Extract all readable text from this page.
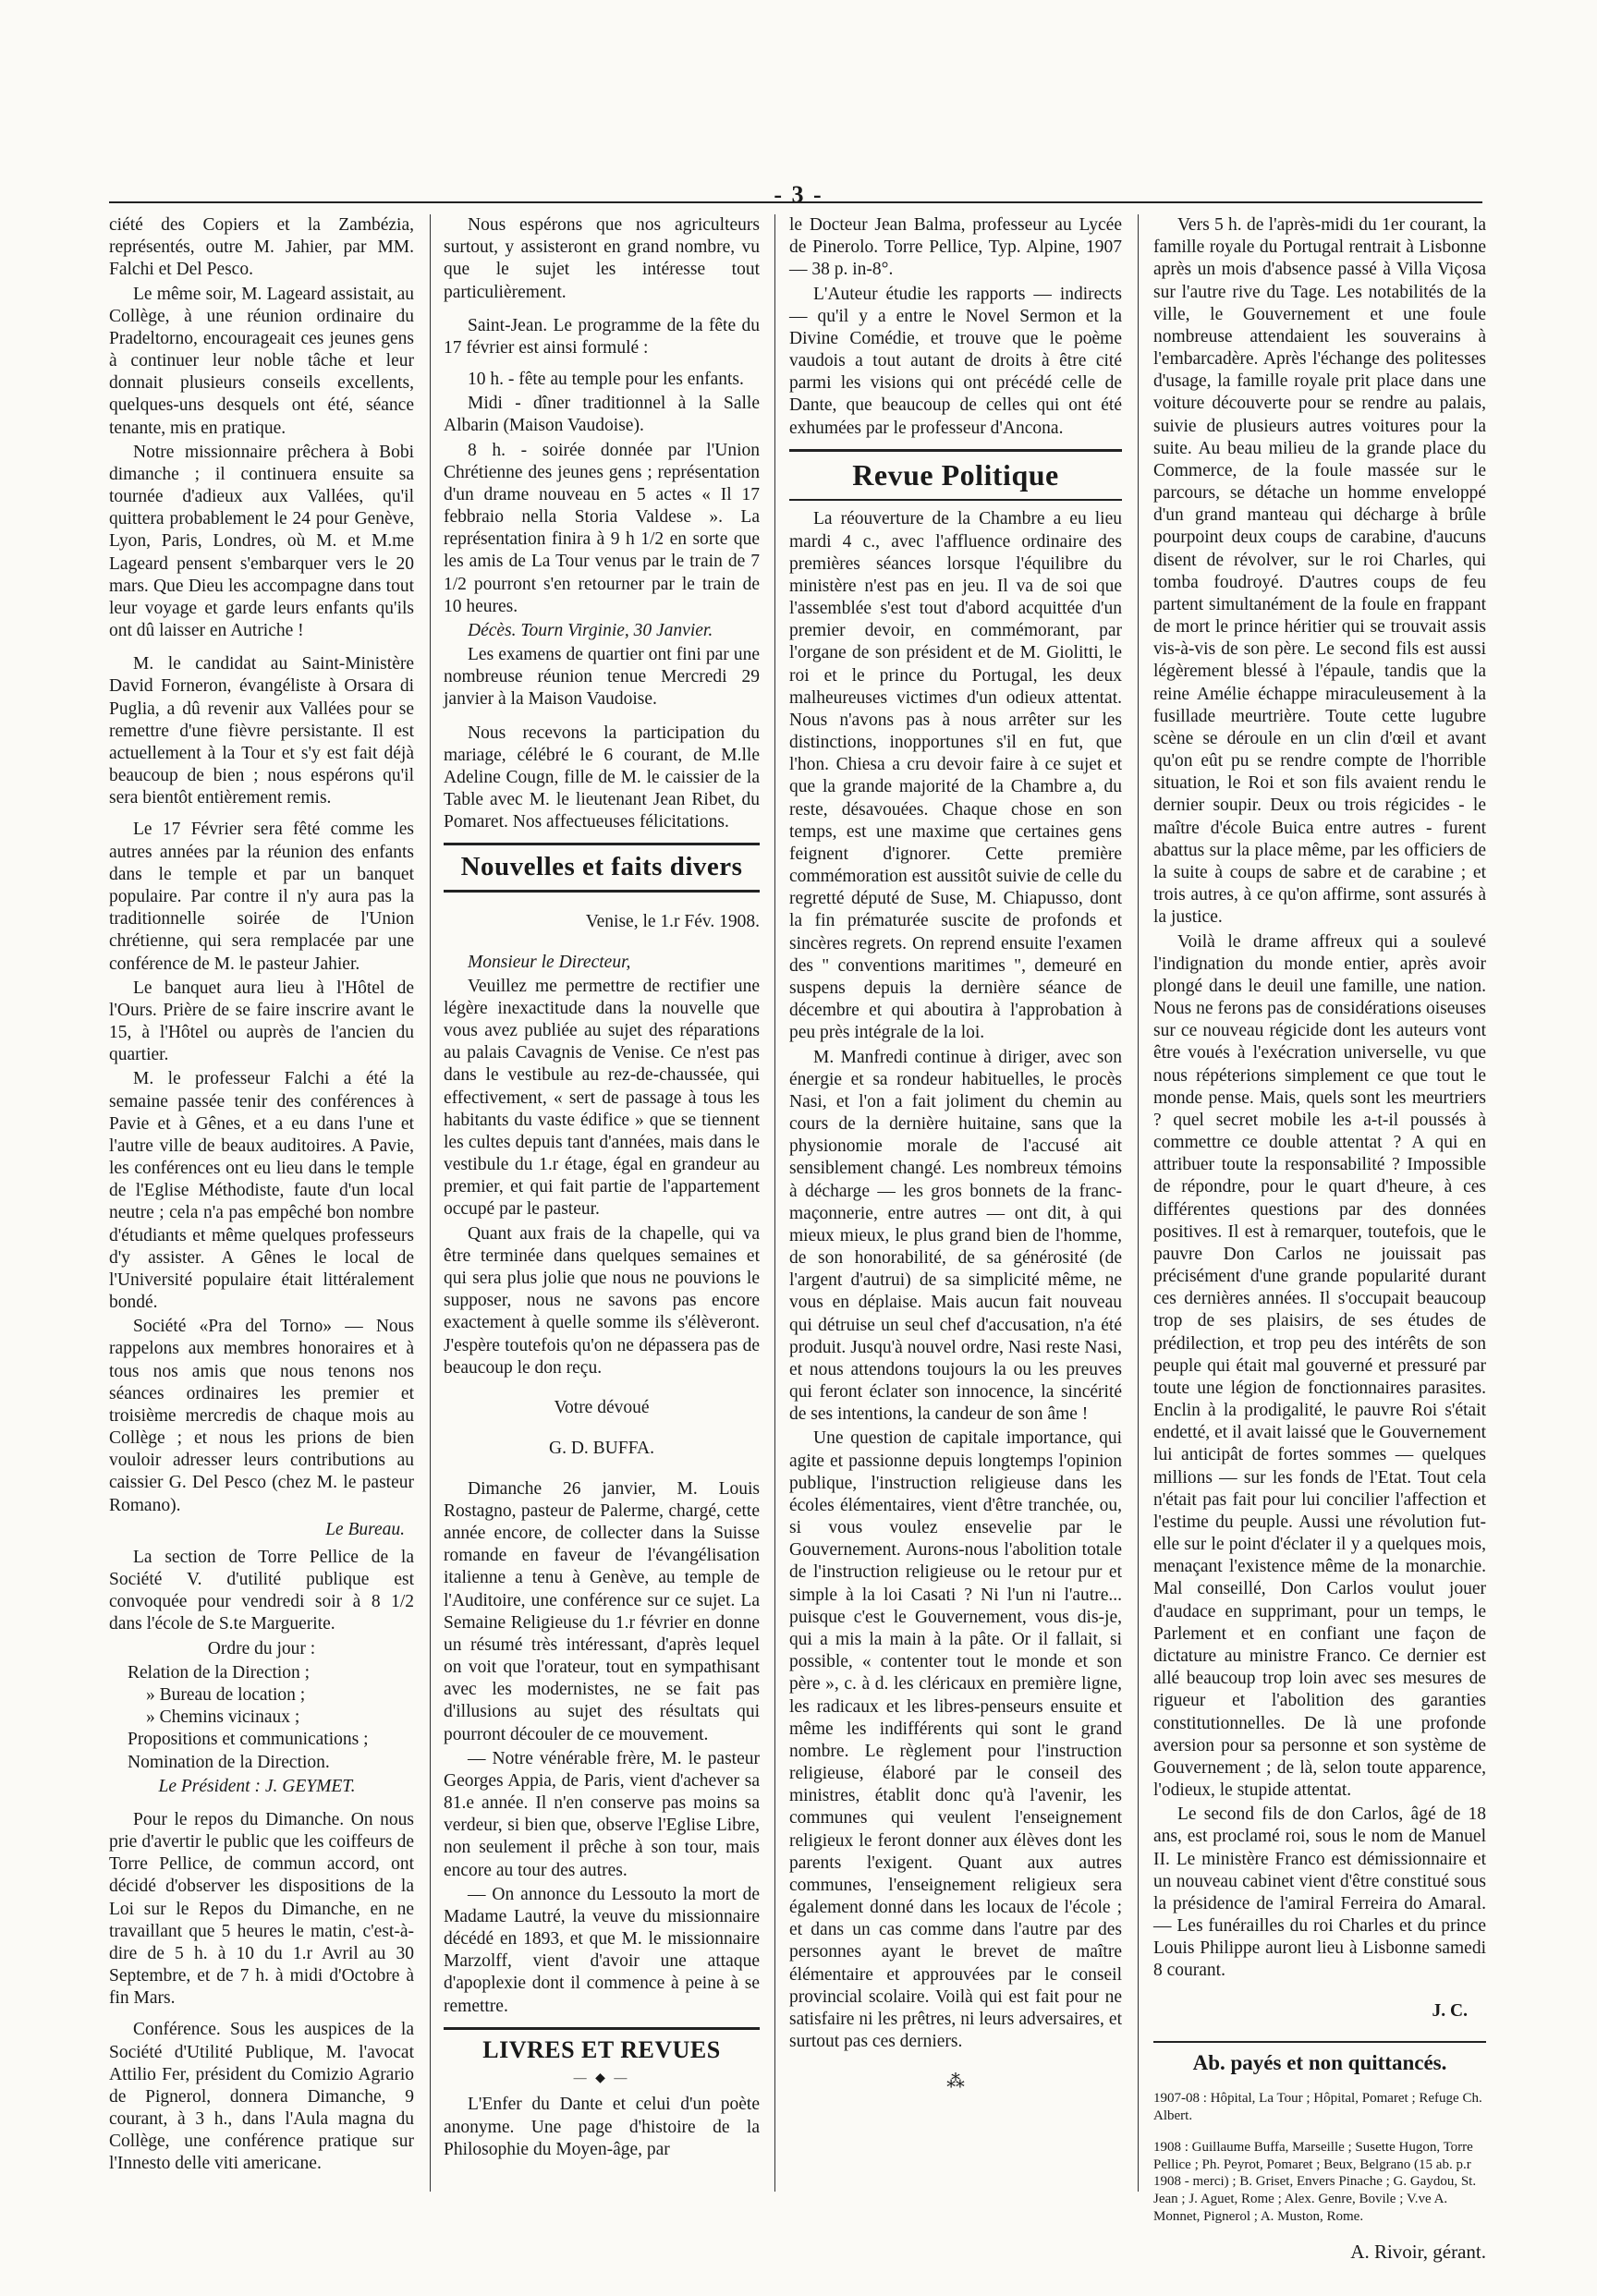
- 3 -

ciété des Copiers et la Zambézia, représentés, outre M. Jahier, par MM. Falchi et Del Pesco.

Le même soir, M. Lageard assistait, au Collège, à une réunion ordinaire du Pradeltorno, encourageait ces jeunes gens à continuer leur noble tâche et leur donnait plusieurs conseils excellents, quelques-uns desquels ont été, séance tenante, mis en pratique.

Notre missionnaire prêchera à Bobi dimanche ; il continuera ensuite sa tournée d'adieux aux Vallées, qu'il quittera probablement le 24 pour Genève, Lyon, Paris, Londres, où M. et M.me Lageard pensent s'embarquer vers le 20 mars. Que Dieu les accompagne dans tout leur voyage et garde leurs enfants qu'ils ont dû laisser en Autriche !

M. le candidat au Saint-Ministère David Forneron, évangéliste à Orsara di Puglia, a dû revenir aux Vallées pour se remettre d'une fièvre persistante. Il est actuellement à la Tour et s'y est fait déjà beaucoup de bien ; nous espérons qu'il sera bientôt entièrement remis.

Le 17 Février sera fêté comme les autres années par la réunion des enfants dans le temple et par un banquet populaire. Par contre il n'y aura pas la traditionnelle soirée de l'Union chrétienne, qui sera remplacée par une conférence de M. le pasteur Jahier.

Le banquet aura lieu à l'Hôtel de l'Ours. Prière de se faire inscrire avant le 15, à l'Hôtel ou auprès de l'ancien du quartier.

M. le professeur Falchi a été la semaine passée tenir des conférences à Pavie et à Gênes, et a eu dans l'une et l'autre ville de beaux auditoires. A Pavie, les conférences ont eu lieu dans le temple de l'Eglise Méthodiste, faute d'un local neutre ; cela n'a pas empêché bon nombre d'étudiants et même quelques professeurs d'y assister. A Gênes le local de l'Université populaire était littéralement bondé.

Société «Pra del Torno» — Nous rappelons aux membres honoraires et à tous nos amis que nous tenons nos séances ordinaires les premier et troisième mercredis de chaque mois au Collège ; et nous les prions de bien vouloir adresser leurs contributions au caissier G. Del Pesco (chez M. le pasteur Romano).

Le Bureau.

La section de Torre Pellice de la Société V. d'utilité publique est convoquée pour vendredi soir à 8 1/2 dans l'école de S.te Marguerite.

Ordre du jour :

Relation de la Direction ;

» Bureau de location ;

» Chemins vicinaux ;

Propositions et communications ;

Nomination de la Direction.

Le Président : J. GEYMET.

Pour le repos du Dimanche. On nous prie d'avertir le public que les coiffeurs de Torre Pellice, de commun accord, ont décidé d'observer les dispositions de la Loi sur le Repos du Dimanche, en ne travaillant que 5 heures le matin, c'est-à-dire de 5 h. à 10 du 1.r Avril au 30 Septembre, et de 7 h. à midi d'Octobre à fin Mars.

Conférence. Sous les auspices de la Société d'Utilité Publique, M. l'avocat Attilio Fer, président du Comizio Agrario de Pignerol, donnera Dimanche, 9 courant, à 3 h., dans l'Aula magna du Collège, une conférence pratique sur l'Innesto delle viti americane.

Nous espérons que nos agriculteurs surtout, y assisteront en grand nombre, vu que le sujet les intéresse tout particulièrement.

Saint-Jean. Le programme de la fête du 17 février est ainsi formulé :

10 h. - fête au temple pour les enfants.

Midi - dîner traditionnel à la Salle Albarin (Maison Vaudoise).

8 h. - soirée donnée par l'Union Chrétienne des jeunes gens ; représentation d'un drame nouveau en 5 actes « Il 17 febbraio nella Storia Valdese ». La représentation finira à 9 h 1/2 en sorte que les amis de La Tour venus par le train de 7 1/2 pourront s'en retourner par le train de 10 heures.

Décès. Tourn Virginie, 30 Janvier.

Les examens de quartier ont fini par une nombreuse réunion tenue Mercredi 29 janvier à la Maison Vaudoise.

Nous recevons la participation du mariage, célébré le 6 courant, de M.lle Adeline Cougn, fille de M. le caissier de la Table avec M. le lieutenant Jean Ribet, du Pomaret. Nos affectueuses félicitations.

Nouvelles et faits divers

Venise, le 1.r Fév. 1908.

Monsieur le Directeur,

Veuillez me permettre de rectifier une légère inexactitude dans la nouvelle que vous avez publiée au sujet des réparations au palais Cavagnis de Venise. Ce n'est pas dans le vestibule au rez-de-chaussée, qui effectivement, « sert de passage à tous les habitants du vaste édifice » que se tiennent les cultes depuis tant d'années, mais dans le vestibule du 1.r étage, égal en grandeur au premier, et qui fait partie de l'appartement occupé par le pasteur.

Quant aux frais de la chapelle, qui va être terminée dans quelques semaines et qui sera plus jolie que nous ne pouvions le supposer, nous ne savons pas encore exactement à quelle somme ils s'élèveront. J'espère toutefois qu'on ne dépassera pas de beaucoup le don reçu.

Votre dévoué

G. D. BUFFA.

Dimanche 26 janvier, M. Louis Rostagno, pasteur de Palerme, chargé, cette année encore, de collecter dans la Suisse romande en faveur de l'évangélisation italienne a tenu à Genève, au temple de l'Auditoire, une conférence sur ce sujet. La Semaine Religieuse du 1.r février en donne un résumé très intéressant, d'après lequel on voit que l'orateur, tout en sympathisant avec les modernistes, ne se fait pas d'illusions au sujet des résultats qui pourront découler de ce mouvement.

— Notre vénérable frère, M. le pasteur Georges Appia, de Paris, vient d'achever sa 81.e année. Il n'en conserve pas moins sa verdeur, si bien que, observe l'Eglise Libre, non seulement il prêche à son tour, mais encore au tour des autres.

— On annonce du Lessouto la mort de Madame Lautré, la veuve du missionnaire décédé en 1893, et que M. le missionnaire Marzolff, vient d'avoir une attaque d'apoplexie dont il commence à peine à se remettre.

LIVRES ET REVUES
— ◆ —

L'Enfer du Dante et celui d'un poète anonyme. Une page d'histoire de la Philosophie du Moyen-âge, par

le Docteur Jean Balma, professeur au Lycée de Pinerolo. Torre Pellice, Typ. Alpine, 1907 — 38 p. in-8°.

L'Auteur étudie les rapports — indirects — qu'il y a entre le Novel Sermon et la Divine Comédie, et trouve que le poème vaudois a tout autant de droits à être cité parmi les visions qui ont précédé celle de Dante, que beaucoup de celles qui ont été exhumées par le professeur d'Ancona.

Revue Politique

La réouverture de la Chambre a eu lieu mardi 4 c., avec l'affluence ordinaire des premières séances lorsque l'équilibre du ministère n'est pas en jeu. Il va de soi que l'assemblée s'est tout d'abord acquittée d'un premier devoir, en commémorant, par l'organe de son président et de M. Giolitti, le roi et le prince du Portugal, les deux malheureuses victimes d'un odieux attentat. Nous n'avons pas à nous arrêter sur les distinctions, inopportunes s'il en fut, que l'hon. Chiesa a cru devoir faire à ce sujet et que la grande majorité de la Chambre a, du reste, désavouées. Chaque chose en son temps, est une maxime que certaines gens feignent d'ignorer. Cette première commémoration est aussitôt suivie de celle du regretté député de Suse, M. Chiapusso, dont la fin prématurée suscite de profonds et sincères regrets. On reprend ensuite l'examen des " conventions maritimes ", demeuré en suspens depuis la dernière séance de décembre et qui aboutira à l'approbation à peu près intégrale de la loi.

M. Manfredi continue à diriger, avec son énergie et sa rondeur habituelles, le procès Nasi, et l'on a fait joliment du chemin au cours de la dernière huitaine, sans que la physionomie morale de l'accusé ait sensiblement changé. Les nombreux témoins à décharge — les gros bonnets de la franc-maçonnerie, entre autres — ont dit, à qui mieux mieux, le plus grand bien de l'homme, de son honorabilité, de sa générosité (de l'argent d'autrui) de sa simplicité même, ne vous en déplaise. Mais aucun fait nouveau qui détruise un seul chef d'accusation, n'a été produit. Jusqu'à nouvel ordre, Nasi reste Nasi, et nous attendons toujours la ou les preuves qui feront éclater son innocence, la sincérité de ses intentions, la candeur de son âme !

Une question de capitale importance, qui agite et passionne depuis longtemps l'opinion publique, l'instruction religieuse dans les écoles élémentaires, vient d'être tranchée, ou, si vous voulez ensevelie par le Gouvernement. Aurons-nous l'abolition totale de l'instruction religieuse ou le retour pur et simple à la loi Casati ? Ni l'un ni l'autre... puisque c'est le Gouvernement, vous dis-je, qui a mis la main à la pâte. Or il fallait, si possible, « contenter tout le monde et son père », c. à d. les cléricaux en première ligne, les radicaux et les libres-penseurs ensuite et même les indifférents qui sont le grand nombre. Le règlement pour l'instruction religieuse, élaboré par le conseil des ministres, établit donc qu'à l'avenir, les communes qui veulent l'enseignement religieux le feront donner aux élèves dont les parents l'exigent. Quant aux autres communes, l'enseignement religieux sera également donné dans les locaux de l'école ; et dans un cas comme dans l'autre par des personnes ayant le brevet de maître élémentaire et approuvées par le conseil provincial scolaire. Voilà qui est fait pour ne satisfaire ni les prêtres, ni leurs adversaires, et surtout pas ces derniers.

⁂

Vers 5 h. de l'après-midi du 1er courant, la famille royale du Portugal rentrait à Lisbonne après un mois d'absence passé à Villa Viçosa sur l'autre rive du Tage. Les notabilités de la ville, le Gouvernement et une foule nombreuse attendaient les souverains à l'embarcadère. Après l'échange des politesses d'usage, la famille royale prit place dans une voiture découverte pour se rendre au palais, suivie de plusieurs autres voitures pour la suite. Au beau milieu de la grande place du Commerce, de la foule massée sur le parcours, se détache un homme enveloppé d'un grand manteau qui décharge à brûle pourpoint deux coups de carabine, d'aucuns disent de révolver, sur le roi Charles, qui tomba foudroyé. D'autres coups de feu partent simultanément de la foule en frappant de mort le prince héritier qui se trouvait assis vis-à-vis de son père. Le second fils est aussi légèrement blessé à l'épaule, tandis que la reine Amélie échappe miraculeusement à la fusillade meurtrière. Toute cette lugubre scène se déroule en un clin d'œil et avant qu'on eût pu se rendre compte de l'horrible situation, le Roi et son fils avaient rendu le dernier soupir. Deux ou trois régicides - le maître d'école Buica entre autres - furent abattus sur la place même, par les officiers de la suite à coups de sabre et de carabine ; et trois autres, à ce qu'on affirme, sont assurés à la justice.

Voilà le drame affreux qui a soulevé l'indignation du monde entier, après avoir plongé dans le deuil une famille, une nation. Nous ne ferons pas de considérations oiseuses sur ce nouveau régicide dont les auteurs vont être voués à l'exécration universelle, vu que nous répéterions simplement ce que tout le monde pense. Mais, quels sont les meurtriers ? quel secret mobile les a-t-il poussés à commettre ce double attentat ? A qui en attribuer toute la responsabilité ? Impossible de répondre, pour le quart d'heure, à ces différentes questions par des données positives. Il est à remarquer, toutefois, que le pauvre Don Carlos ne jouissait pas précisément d'une grande popularité durant ces dernières années. Il s'occupait beaucoup trop de ses plaisirs, de ses études de prédilection, et trop peu des intérêts de son peuple qui était mal gouverné et pressuré par toute une légion de fonctionnaires parasites. Enclin à la prodigalité, le pauvre Roi s'était endetté, et il avait laissé que le Gouvernement lui anticipât de fortes sommes — quelques millions — sur les fonds de l'Etat. Tout cela n'était pas fait pour lui concilier l'affection et l'estime du peuple. Aussi une révolution fut-elle sur le point d'éclater il y a quelques mois, menaçant l'existence même de la monarchie. Mal conseillé, Don Carlos voulut jouer d'audace en supprimant, pour un temps, le Parlement et en confiant une façon de dictature au ministre Franco. Ce dernier est allé beaucoup trop loin avec ses mesures de rigueur et l'abolition des garanties constitutionnelles. De là une profonde aversion pour sa personne et son système de Gouvernement ; de là, selon toute apparence, l'odieux, le stupide attentat.

Le second fils de don Carlos, âgé de 18 ans, est proclamé roi, sous le nom de Manuel II. Le ministère Franco est démissionnaire et un nouveau cabinet vient d'être constitué sous la présidence de l'amiral Ferreira do Amaral. — Les funérailles du roi Charles et du prince Louis Philippe auront lieu à Lisbonne samedi 8 courant.

J. C.

Ab. payés et non quittancés.

1907-08 : Hôpital, La Tour ; Hôpital, Pomaret ; Refuge Ch. Albert.

1908 : Guillaume Buffa, Marseille ; Susette Hugon, Torre Pellice ; Ph. Peyrot, Pomaret ; Beux, Belgrano (15 ab. p.r 1908 - merci) ; B. Griset, Envers Pinache ; G. Gaydou, St. Jean ; J. Aguet, Rome ; Alex. Genre, Bovile ; V.ve A. Monnet, Pignerol ; A. Muston, Rome.

A. Rivoir, gérant.
